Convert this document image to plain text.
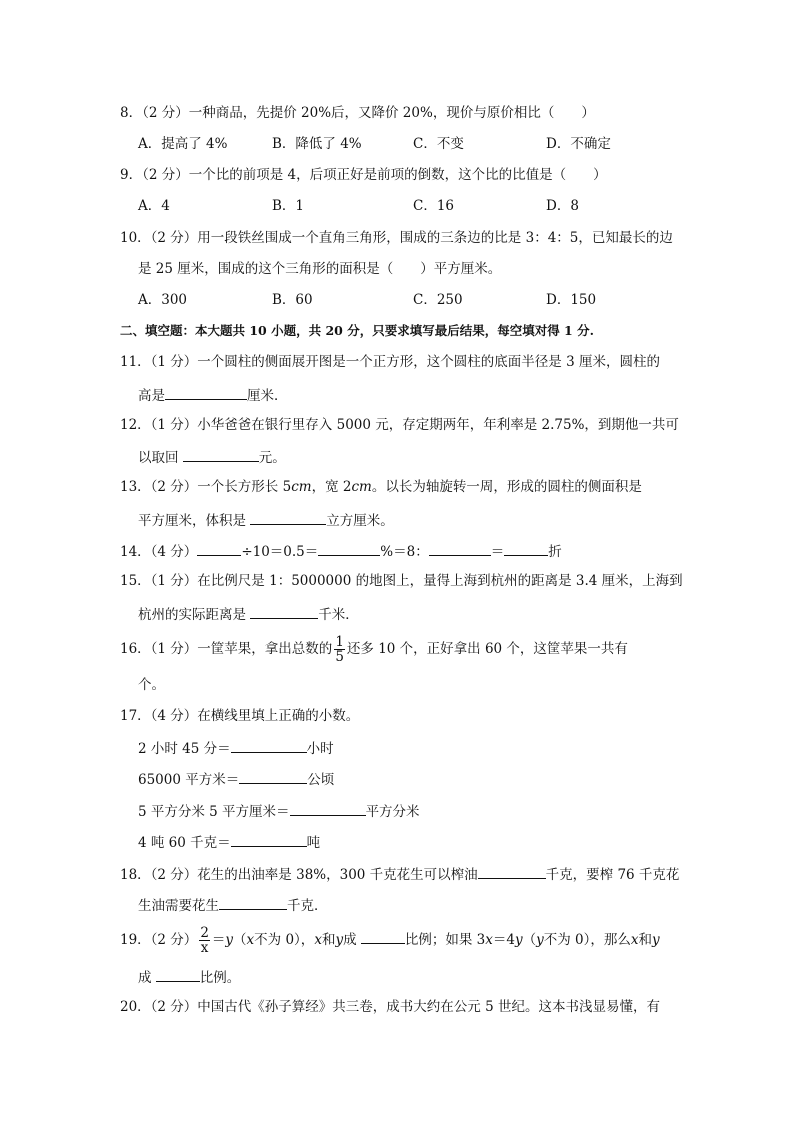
8．（2 分）一种商品，先提价 20%后，又降价 20%，现价与原价相比（　　）
A．提高了 4%	B．降低了 4%	C．不变	D．不确定
9．（2 分）一个比的前项是 4，后项正好是前项的倒数，这个比的比值是（　　）
A．4	B．1	C．16	D．8
10．（2 分）用一段铁丝围成一个直角三角形，围成的三条边的比是 3：4：5，已知最长的边
是 25 厘米，围成的这个三角形的面积是（　　）平方厘米。
A．300	B．60	C．250	D．150
二、填空题：本大题共 10 小题，共 20 分，只要求填写最后结果，每空填对得 1 分.
11．（1 分）一个圆柱的侧面展开图是一个正方形，这个圆柱的底面半径是 3 厘米，圆柱的
高是	厘米．
12．（1 分）小华爸爸在银行里存入 5000 元，存定期两年，年利率是 2.75%，到期他一共可
以取回	元。
13．（2 分）一个长方形长 5cm，宽 2cm。以长为轴旋转一周，形成的圆柱的侧面积是
平方厘米，体积是	立方厘米。
14．（4 分）	÷10＝0.5＝	%＝8：	＝	折
15．（1 分）在比例尺是 1：5000000 的地图上，量得上海到杭州的距离是 3.4 厘米，上海到
杭州的实际距离是	千米．
16．（1 分）一筐苹果，拿出总数的 $\frac{1}{5}$ 还多 10 个，正好拿出 60 个，这筐苹果一共有
个。
17．（4 分）在横线里填上正确的小数。
2 小时 45 分＝	小时
65000 平方米＝	公顷
5 平方分米 5 平方厘米＝	平方分米
4 吨 60 千克＝	吨
18．（2 分）花生的出油率是 38%，300 千克花生可以榨油	千克，要榨 76 千克花
生油需要花生	千克．
19．（2 分） $\frac{2}{x} =y(x$不为 0），x和y成	比例；如果 3x＝4y（y不为 0），那么x和y
成	比例。
20．（2 分）中国古代《孙子算经》共三卷，成书大约在公元 5 世纪。这本书浅显易懂，有
